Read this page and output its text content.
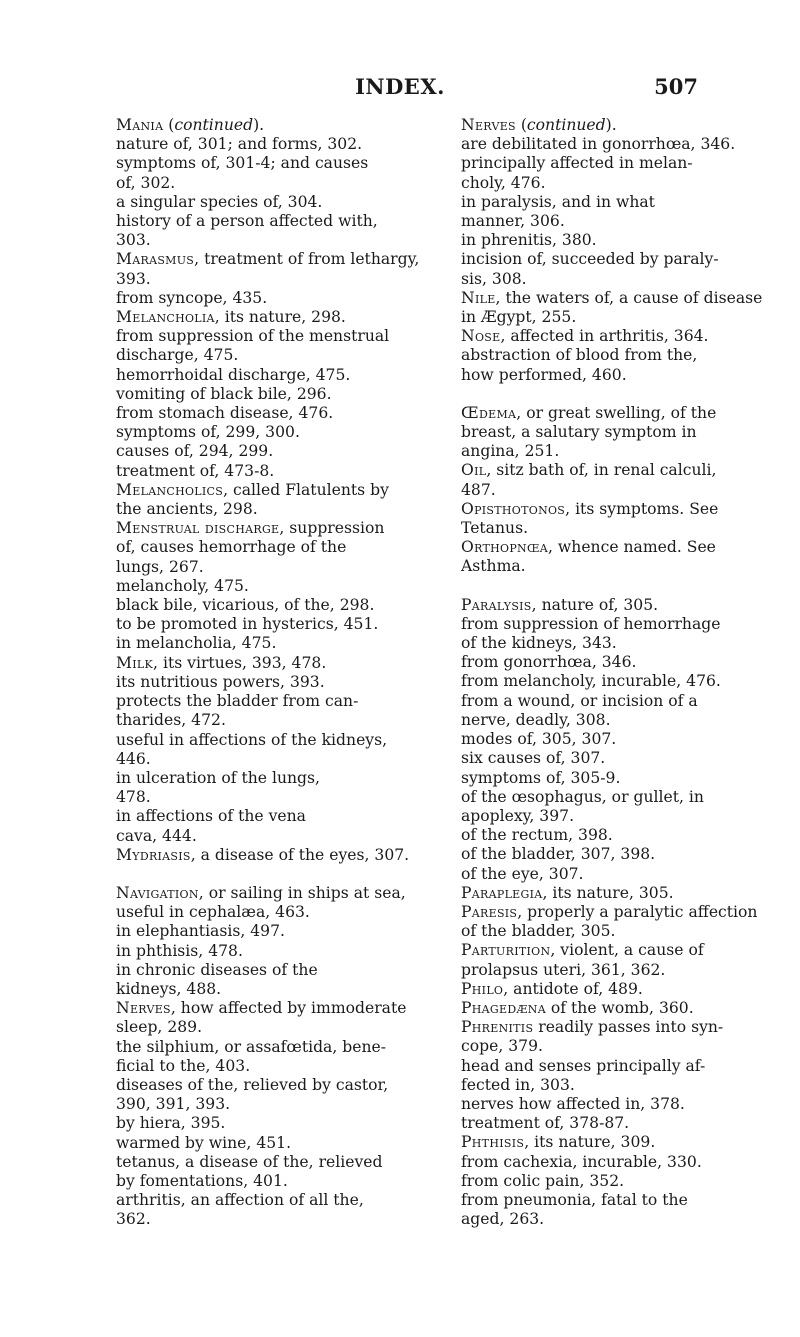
INDEX.	507
Mania (continued).
nature of, 301; and forms, 302.
symptoms of, 301-4; and causes
of, 302.
a singular species of, 304.
history of a person affected with,
303.
Marasmus, treatment of from lethargy,
393.
from syncope, 435.
Melancholia, its nature, 298.
from suppression of the menstrual
discharge, 475.
hemorrhoidal discharge, 475.
vomiting of black bile, 296.
from stomach disease, 476.
symptoms of, 299, 300.
causes of, 294, 299.
treatment of, 473-8.
Melancholics, called Flatulents by
the ancients, 298.
Menstrual discharge, suppression
of, causes hemorrhage of the
lungs, 267.
melancholy, 475.
black bile, vicarious, of the, 298.
to be promoted in hysterics, 451.
in melancholia, 475.
Milk, its virtues, 393, 478.
its nutritious powers, 393.
protects the bladder from can-
tharides, 472.
useful in affections of the kidneys,
446.
in ulceration of the lungs,
478.
in affections of the vena
cava, 444.
Mydriasis, a disease of the eyes, 307.
Navigation, or sailing in ships at sea,
useful in cephalæa, 463.
in elephantiasis, 497.
in phthisis, 478.
in chronic diseases of the
kidneys, 488.
Nerves, how affected by immoderate
sleep, 289.
the silphium, or assafœtida, bene-
ficial to the, 403.
diseases of the, relieved by castor,
390, 391, 393.
by hiera, 395.
warmed by wine, 451.
tetanus, a disease of the, relieved
by fomentations, 401.
arthritis, an affection of all the,
362.
Nerves (continued).
are debilitated in gonorrhœa, 346.
principally affected in melan-
choly, 476.
in paralysis, and in what
manner, 306.
in phrenitis, 380.
incision of, succeeded by paraly-
sis, 308.
Nile, the waters of, a cause of disease
in Ægypt, 255.
Nose, affected in arthritis, 364.
abstraction of blood from the,
how performed, 460.
Œdema, or great swelling, of the
breast, a salutary symptom in
angina, 251.
Oil, sitz bath of, in renal calculi,
487.
Opisthotonos, its symptoms. See
Tetanus.
Orthopnœa, whence named. See
Asthma.
Paralysis, nature of, 305.
from suppression of hemorrhage
of the kidneys, 343.
from gonorrhœa, 346.
from melancholy, incurable, 476.
from a wound, or incision of a
nerve, deadly, 308.
modes of, 305, 307.
six causes of, 307.
symptoms of, 305-9.
of the œsophagus, or gullet, in
apoplexy, 397.
of the rectum, 398.
of the bladder, 307, 398.
of the eye, 307.
Paraplegia, its nature, 305.
Paresis, properly a paralytic affection
of the bladder, 305.
Parturition, violent, a cause of
prolapsus uteri, 361, 362.
Philo, antidote of, 489.
Phagedæna of the womb, 360.
Phrenitis readily passes into syn-
cope, 379.
head and senses principally af-
fected in, 303.
nerves how affected in, 378.
treatment of, 378-87.
Phthisis, its nature, 309.
from cachexia, incurable, 330.
from colic pain, 352.
from pneumonia, fatal to the
aged, 263.
